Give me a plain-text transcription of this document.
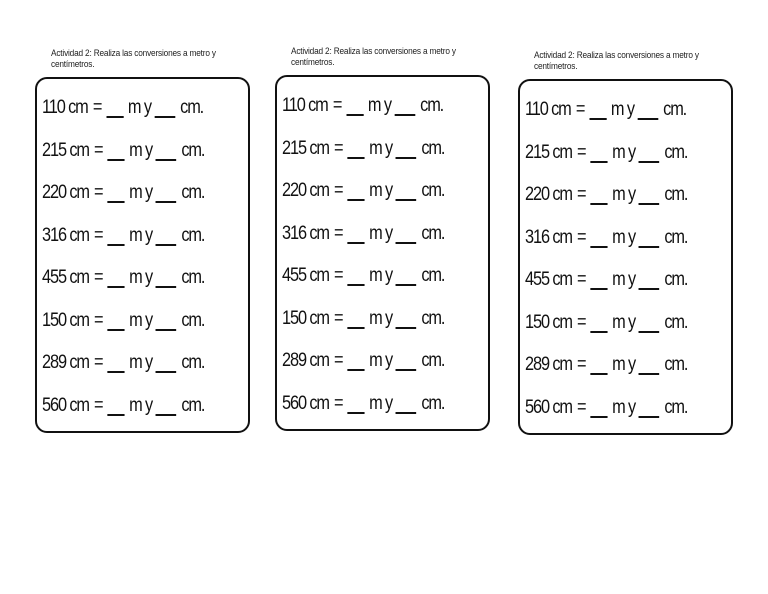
Actividad 2: Realiza las conversiones a metro y centímetros.
110 cm = m y cm.
215 cm = m y cm.
220 cm = m y cm.
316 cm = m y cm.
455 cm = m y cm.
150 cm = m y cm.
289 cm = m y cm.
560 cm = m y cm.
Actividad 2: Realiza las conversiones a metro y centímetros.
110 cm = m y cm.
215 cm = m y cm.
220 cm = m y cm.
316 cm = m y cm.
455 cm = m y cm.
150 cm = m y cm.
289 cm = m y cm.
560 cm = m y cm.
Actividad 2: Realiza las conversiones a metro y centímetros.
110 cm = m y cm.
215 cm = m y cm.
220 cm = m y cm.
316 cm = m y cm.
455 cm = m y cm.
150 cm = m y cm.
289 cm = m y cm.
560 cm = m y cm.
